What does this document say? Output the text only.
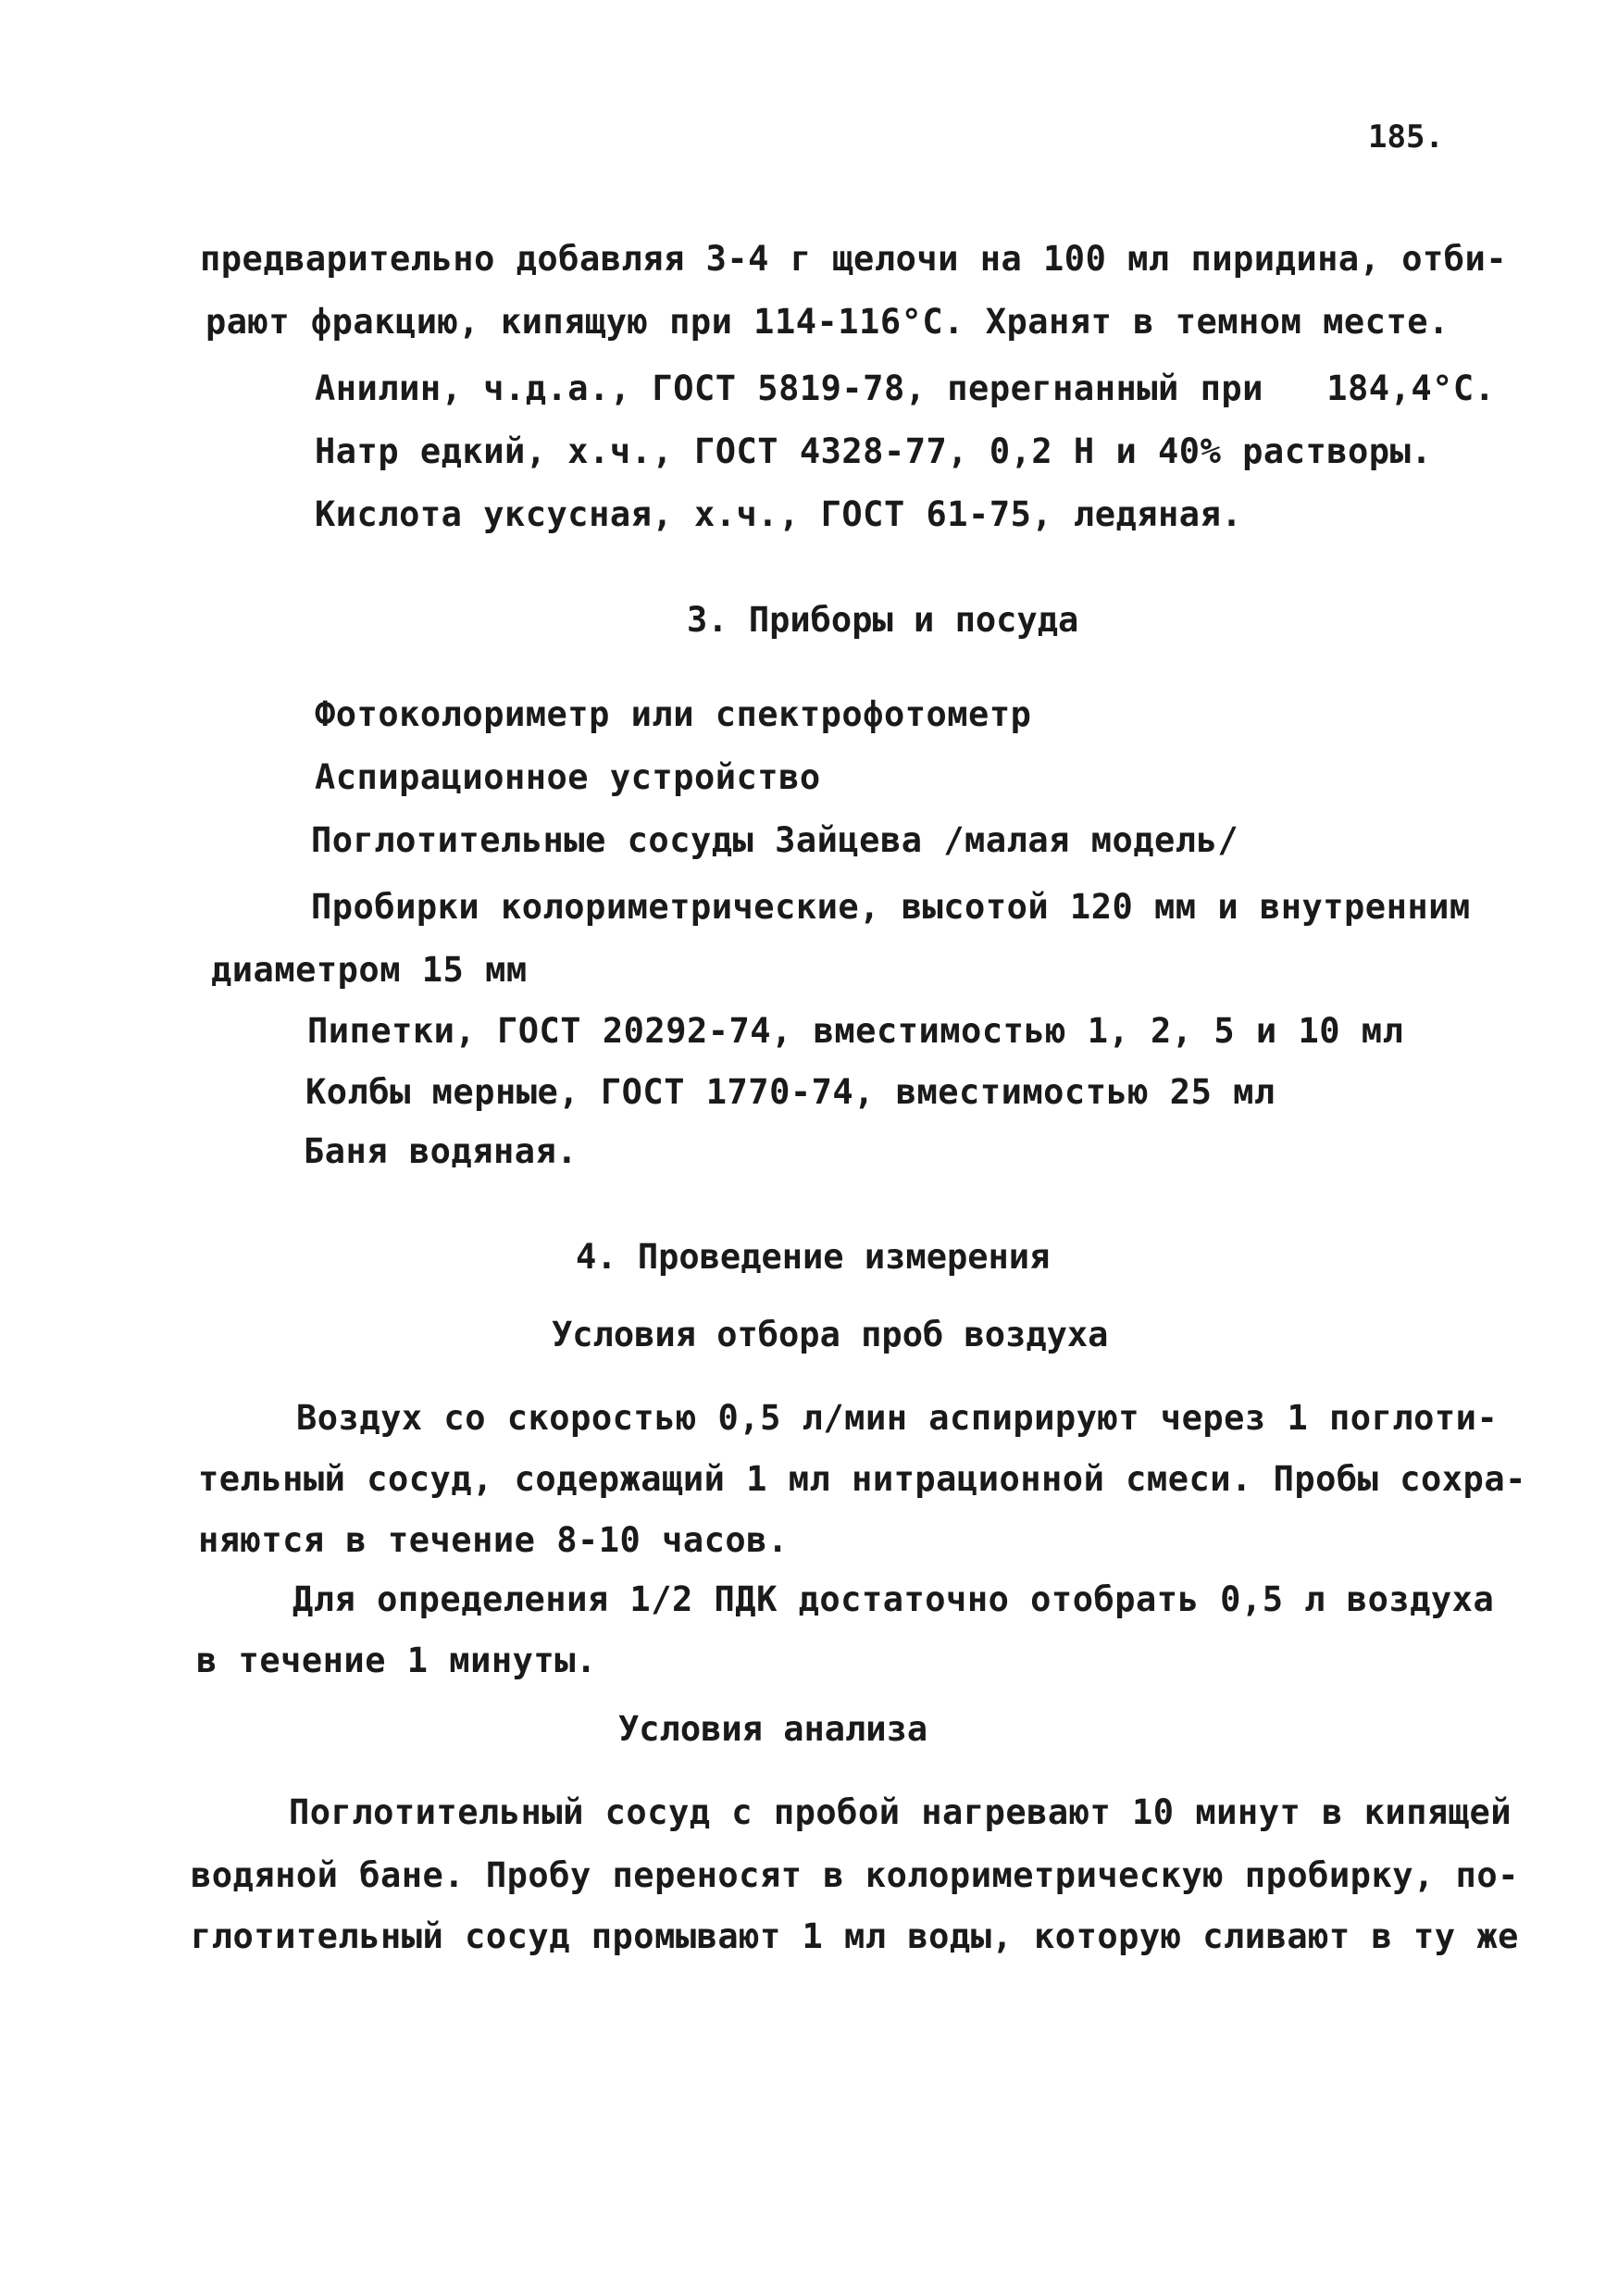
185.
предварительно добавляя 3-4 г щелочи на 100 мл пиридина, отби-
рают фракцию, кипящую при 114-116°С. Хранят в темном месте.
Анилин, ч.д.а., ГОСТ 5819-78, перегнанный при   184,4°С.
Натр едкий, х.ч., ГОСТ 4328-77, 0,2 Н и 40% растворы.
Кислота уксусная, х.ч., ГОСТ 61-75, ледяная.
3. Приборы и посуда
Фотоколориметр или спектрофотометр
Аспирационное устройство
Поглотительные сосуды Зайцева /малая модель/
Пробирки колориметрические, высотой 120 мм и внутренним
диаметром 15 мм
Пипетки, ГОСТ 20292-74, вместимостью 1, 2, 5 и 10 мл
Колбы мерные, ГОСТ 1770-74, вместимостью 25 мл
Баня водяная.
4. Проведение измерения
Условия отбора проб воздуха
Воздух со скоростью 0,5 л/мин аспирируют через 1 поглоти-
тельный сосуд, содержащий 1 мл нитрационной смеси. Пробы сохра-
няются в течение 8-10 часов.
Для определения 1/2 ПДК достаточно отобрать 0,5 л воздуха
в течение 1 минуты.
Условия анализа
Поглотительный сосуд с пробой нагревают 10 минут в кипящей
водяной бане. Пробу переносят в колориметрическую пробирку, по-
глотительный сосуд промывают 1 мл воды, которую сливают в ту же
